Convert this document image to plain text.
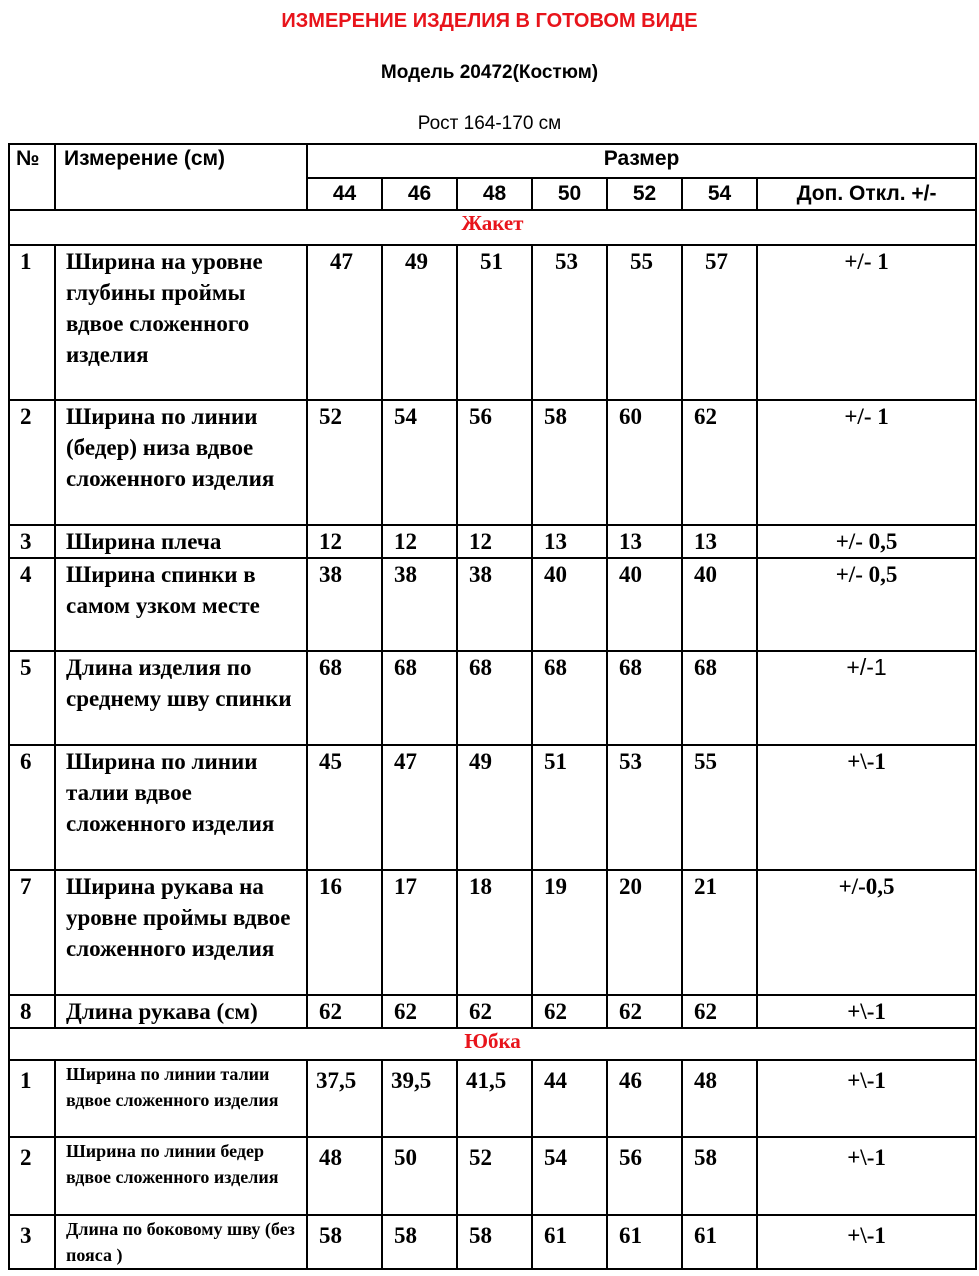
ИЗМЕРЕНИЕ ИЗДЕЛИЯ В ГОТОВОМ ВИДЕ
Модель 20472(Костюм)
Рост 164-170 см
№	Измерение (см)	Размер						
		44	46	48	50	52	54	Доп. Откл. +/-
Жакет								
1	Ширина на уровне глубины проймы вдвое сложенного изделия	47	49	51	53	55	57	+/- 1
2	Ширина по линии (бедер) низа вдвое сложенного изделия	52	54	56	58	60	62	+/- 1
3	Ширина плеча	12	12	12	13	13	13	+/- 0,5
4	Ширина спинки в самом узком месте	38	38	38	40	40	40	+/- 0,5
5	Длина изделия по среднему шву спинки	68	68	68	68	68	68	+/-1
6	Ширина по линии талии вдвое сложенного изделия	45	47	49	51	53	55	+\-1
7	Ширина рукава на уровне проймы вдвое сложенного изделия	16	17	18	19	20	21	+/-0,5
8	Длина рукава (см)	62	62	62	62	62	62	+\-1
Юбка								
1	Ширина по линии талии вдвое сложенного изделия	37,5	39,5	41,5	44	46	48	+\-1
2	Ширина по линии бедер вдвое сложенного изделия	48	50	52	54	56	58	+\-1
3	Длина по боковому шву (без пояса )	58	58	58	61	61	61	+\-1
